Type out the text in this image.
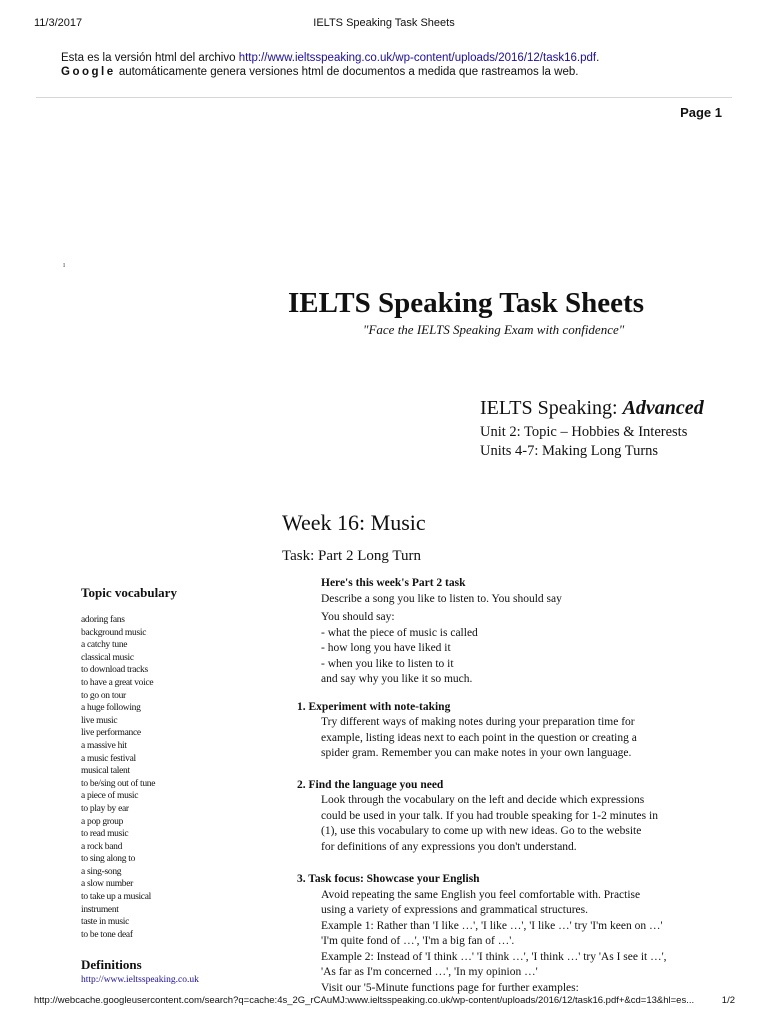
11/3/2017	IELTS Speaking Task Sheets
Esta es la versión html del archivo http://www.ieltsspeaking.co.uk/wp-content/uploads/2016/12/task16.pdf.
Google automáticamente genera versiones html de documentos a medida que rastreamos la web.
Page 1
ı
IELTS Speaking Task Sheets
"Face the IELTS Speaking Exam with confidence"
IELTS Speaking: Advanced
Unit 2: Topic – Hobbies & Interests
Units 4-7: Making Long Turns
Week 16: Music
Task: Part 2 Long Turn
Topic vocabulary
adoring fans
background music
a catchy tune
classical music
to download tracks
to have a great voice
to go on tour
a huge following
live music
live performance
a massive hit
a music festival
musical talent
to be/sing out of tune
a piece of music
to play by ear
a pop group
to read music
a rock band
to sing along to
a sing-song
a slow number
to take up a musical
instrument
taste in music
to be tone deaf
Definitions
http://www.ieltsspeaking.co.uk
Here's this week's Part 2 task
Describe a song you like to listen to. You should say
You should say:
- what the piece of music is called
- how long you have liked it
- when you like to listen to it
and say why you like it so much.
1. Experiment with note-taking
Try different ways of making notes during your preparation time for
example, listing ideas next to each point in the question or creating a
spider gram. Remember you can make notes in your own language.
2. Find the language you need
Look through the vocabulary on the left and decide which expressions
could be used in your talk. If you had trouble speaking for 1-2 minutes in
(1), use this vocabulary to come up with new ideas. Go to the website
for definitions of any expressions you don't understand.
3. Task focus: Showcase your English
Avoid repeating the same English you feel comfortable with. Practise
using a variety of expressions and grammatical structures.
Example 1: Rather than 'I like …', 'I like …', 'I like …' try 'I'm keen on …'
'I'm quite fond of …', 'I'm a big fan of …'.
Example 2: Instead of 'I think …' 'I think …', 'I think …' try 'As I see it …',
'As far as I'm concerned …', 'In my opinion …'
Visit our '5-Minute functions page for further examples:
http://webcache.googleusercontent.com/search?q=cache:4s_2G_rCAuMJ:www.ieltsspeaking.co.uk/wp-content/uploads/2016/12/task16.pdf+&cd=13&hl=es...	1/2
